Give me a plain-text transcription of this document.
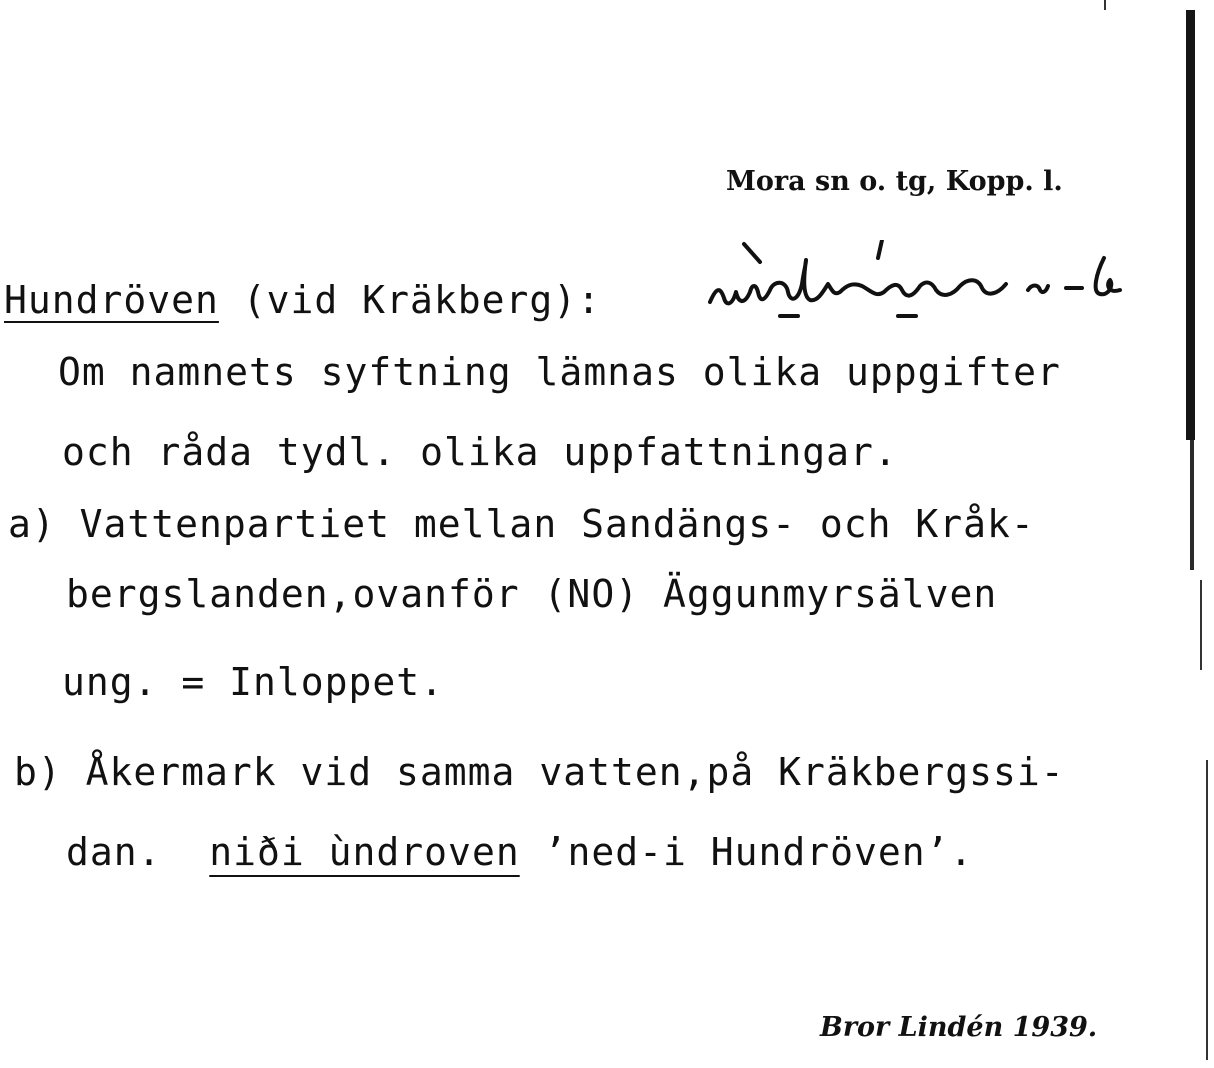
Mora sn o. tg, Kopp. l.
Hundröven (vid Kräkberg):
ùndrǿve ~-l̀
Om namnets syftning lämnas olika uppgifter
och råda tydl. olika uppfattningar.
a) Vattenpartiet mellan Sandängs- och Kråk-
bergslanden,ovanför (NO) Äggunmyrsälven
ung. = Inloppet.
b) Åkermark vid samma vatten,på Kräkbergssi-
dan. niði ùndroven ’ned-i Hundröven’.
Bror Lindén 1939.
